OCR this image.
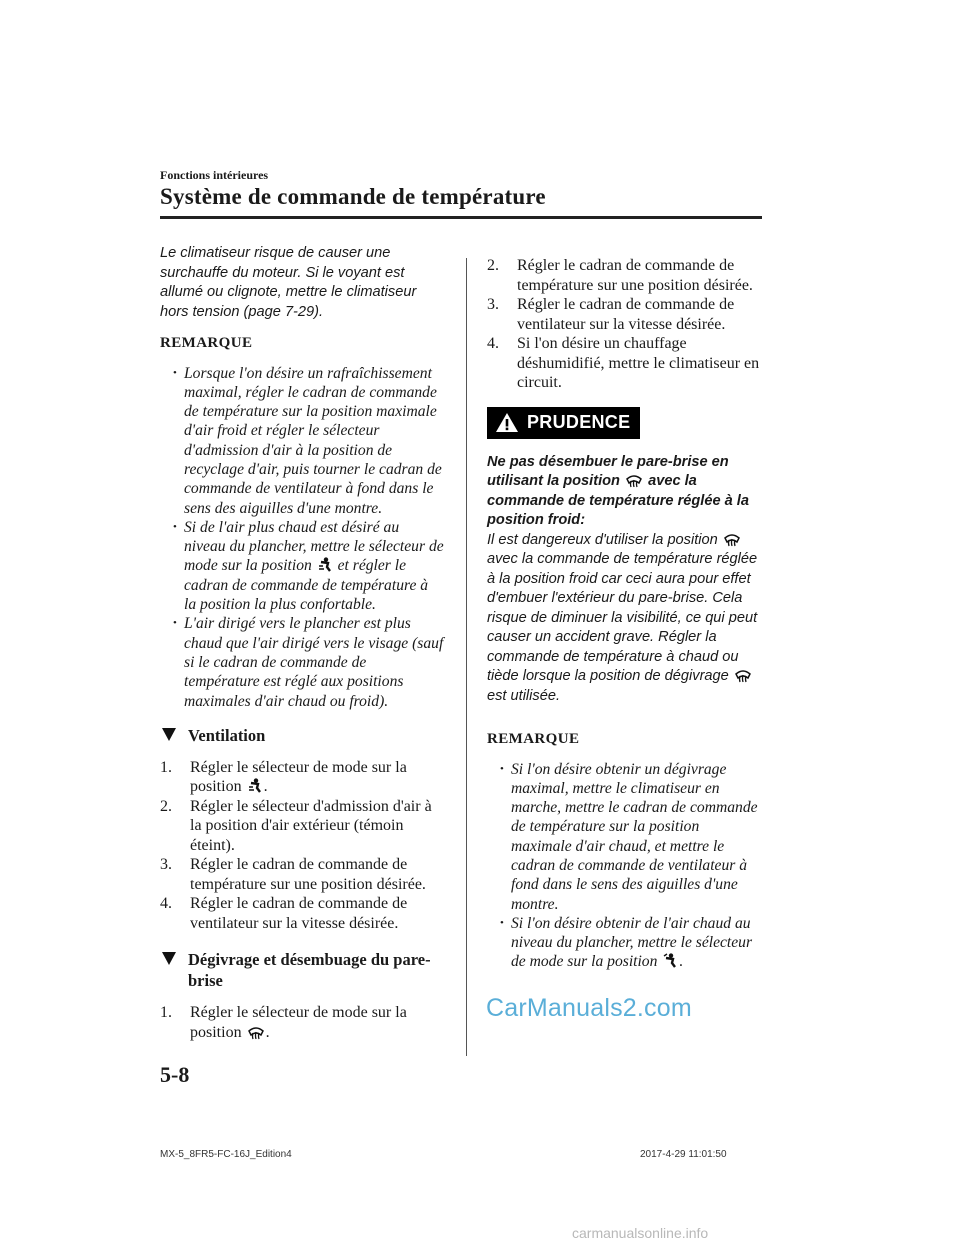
Fonctions intérieures
Système de commande de température
Le climatiseur risque de causer une surchauffe du moteur. Si le voyant est allumé ou clignote, mettre le climatiseur hors tension (page 7-29).
REMARQUE
• Lorsque l'on désire un rafraîchissement maximal, régler le cadran de commande de température sur la position maximale d'air froid et régler le sélecteur d'admission d'air à la position de recyclage d'air, puis tourner le cadran de commande de ventilateur à fond dans le sens des aiguilles d'une montre.
• Si de l'air plus chaud est désiré au niveau du plancher, mettre le sélecteur de mode sur la position et régler le cadran de commande de température à la position la plus confortable.
• L'air dirigé vers le plancher est plus chaud que l'air dirigé vers le visage (sauf si le cadran de commande de température est réglé aux positions maximales d'air chaud ou froid).
Ventilation
1. Régler le sélecteur de mode sur la position .
2. Régler le sélecteur d'admission d'air à la position d'air extérieur (témoin éteint).
3. Régler le cadran de commande de température sur une position désirée.
4. Régler le cadran de commande de ventilateur sur la vitesse désirée.
Dégivrage et désembuage du pare-brise
1. Régler le sélecteur de mode sur la position .
2. Régler le cadran de commande de température sur une position désirée.
3. Régler le cadran de commande de ventilateur sur la vitesse désirée.
4. Si l'on désire un chauffage déshumidifié, mettre le climatiseur en circuit.
PRUDENCE
Ne pas désembuer le pare-brise en utilisant la position avec la commande de température réglée à la position froid:
Il est dangereux d'utiliser la position  avec la commande de température réglée à la position froid car ceci aura pour effet d'embuer l'extérieur du pare-brise. Cela risque de diminuer la visibilité, ce qui peut causer un accident grave. Régler la commande de température à chaud ou tiède lorsque la position de dégivrage  est utilisée.
REMARQUE
• Si l'on désire obtenir un dégivrage maximal, mettre le climatiseur en marche, mettre le cadran de commande de température sur la position maximale d'air chaud, et mettre le cadran de commande de ventilateur à fond dans le sens des aiguilles d'une montre.
• Si l'on désire obtenir de l'air chaud au niveau du plancher, mettre le sélecteur de mode sur la position .
CarManuals2.com
5-8
MX-5_8FR5-FC-16J_Edition4	2017-4-29 11:01:50
carmanualsonline.info
